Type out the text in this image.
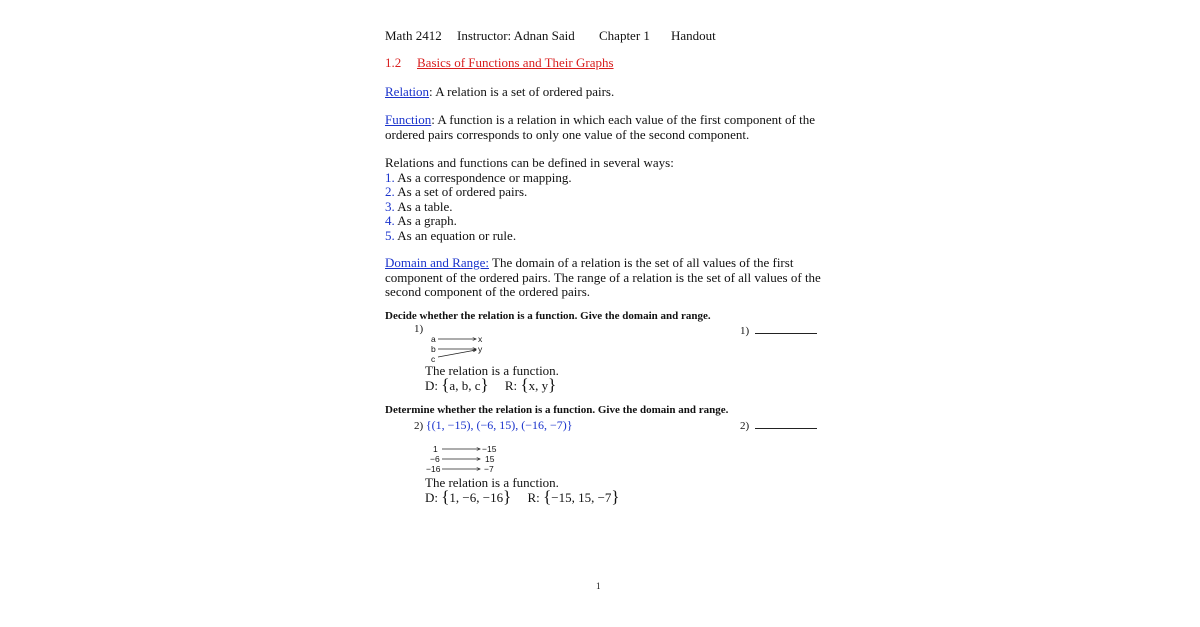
Math 2412 Instructor: Adnan Said Chapter 1 Handout
1.2 Basics of Functions and Their Graphs
Relation: A relation is a set of ordered pairs.
Function: A function is a relation in which each value of the first component of the
ordered pairs corresponds to only one value of the second component.
Relations and functions can be defined in several ways:
1. As a correspondence or mapping.
2. As a set of ordered pairs.
3. As a table.
4. As a graph.
5. As an equation or rule.
Domain and Range: The domain of a relation is the set of all values of the first
component of the ordered pairs. The range of a relation is the set of all values of the
second component of the ordered pairs.
Decide whether the relation is a function. Give the domain and range.
1)	1)
a
b
c
x
y
The relation is a function.
D: {a, b, c} R: {x, y}
Determine whether the relation is a function. Give the domain and range.
2) {(1, −15), (−6, 15), (−16, −7)}	2)
1
−6
−16
−15
15
−7
The relation is a function.
D: {1, −6, −16} R: {−15, 15, −7}
1
